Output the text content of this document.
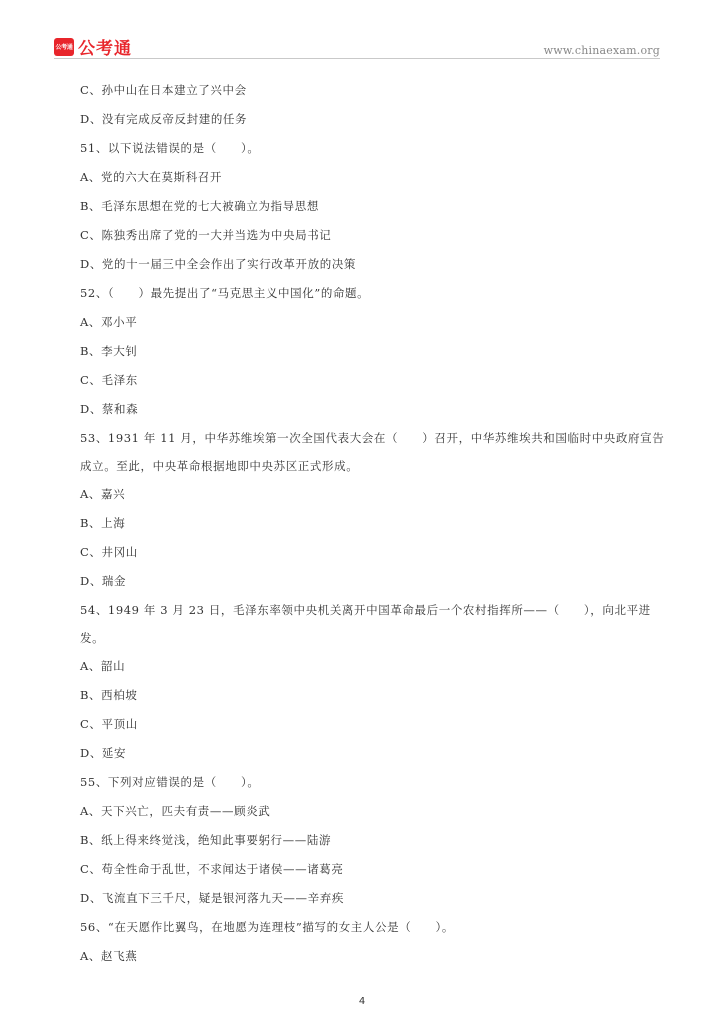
公考通 公考通	www.chinaexam.org
C、孙中山在日本建立了兴中会
D、没有完成反帝反封建的任务
51、以下说法错误的是（　　）。
A、党的六大在莫斯科召开
B、毛泽东思想在党的七大被确立为指导思想
C、陈独秀出席了党的一大并当选为中央局书记
D、党的十一届三中全会作出了实行改革开放的决策
52、（　　）最先提出了“马克思主义中国化”的命题。
A、邓小平
B、李大钊
C、毛泽东
D、蔡和森
53、1931 年 11 月，中华苏维埃第一次全国代表大会在（　　）召开，中华苏维埃共和国临时中央政府宣告成立。至此，中央革命根据地即中央苏区正式形成。
A、嘉兴
B、上海
C、井冈山
D、瑞金
54、1949 年 3 月 23 日，毛泽东率领中央机关离开中国革命最后一个农村指挥所——（　　），向北平进发。
A、韶山
B、西柏坡
C、平顶山
D、延安
55、下列对应错误的是（　　）。
A、天下兴亡，匹夫有责——顾炎武
B、纸上得来终觉浅，绝知此事要躬行——陆游
C、苟全性命于乱世，不求闻达于诸侯——诸葛亮
D、飞流直下三千尺，疑是银河落九天——辛弃疾
56、“在天愿作比翼鸟，在地愿为连理枝”描写的女主人公是（　　）。
A、赵飞燕
4
